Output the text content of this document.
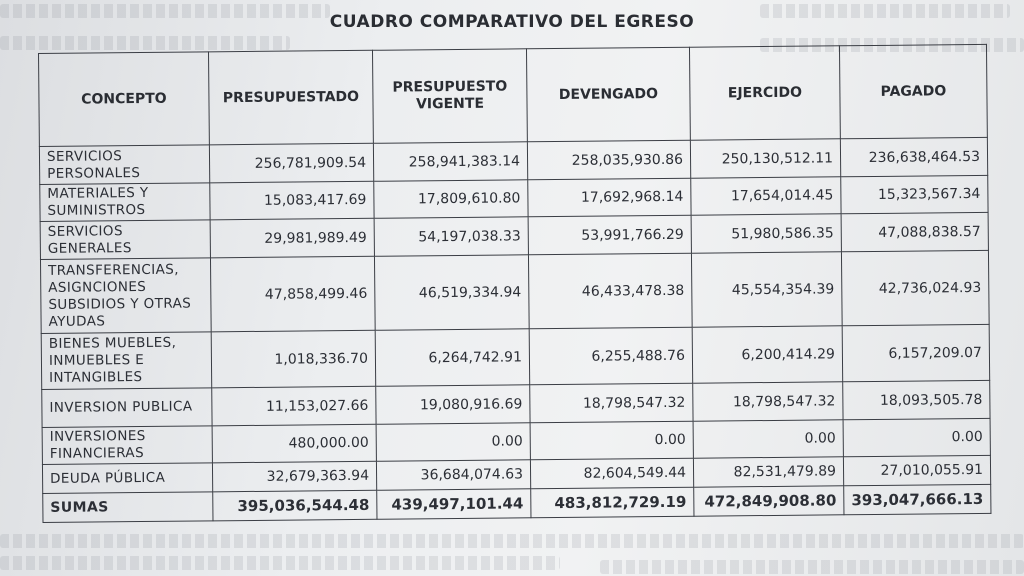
CUADRO COMPARATIVO DEL EGRESO
CONCEPTO	PRESUPUESTADO	PRESUPUESTO VIGENTE	DEVENGADO	EJERCIDO	PAGADO
SERVICIOS PERSONALES	256,781,909.54	258,941,383.14	258,035,930.86	250,130,512.11	236,638,464.53
MATERIALES Y SUMINISTROS	15,083,417.69	17,809,610.80	17,692,968.14	17,654,014.45	15,323,567.34
SERVICIOS GENERALES	29,981,989.49	54,197,038.33	53,991,766.29	51,980,586.35	47,088,838.57
TRANSFERENCIAS, ASIGNCIONES SUBSIDIOS Y OTRAS AYUDAS	47,858,499.46	46,519,334.94	46,433,478.38	45,554,354.39	42,736,024.93
BIENES MUEBLES, INMUEBLES E INTANGIBLES	1,018,336.70	6,264,742.91	6,255,488.76	6,200,414.29	6,157,209.07
INVERSION PUBLICA	11,153,027.66	19,080,916.69	18,798,547.32	18,798,547.32	18,093,505.78
INVERSIONES FINANCIERAS	480,000.00	0.00	0.00	0.00	0.00
DEUDA PÚBLICA	32,679,363.94	36,684,074.63	82,604,549.44	82,531,479.89	27,010,055.91
SUMAS	395,036,544.48	439,497,101.44	483,812,729.19	472,849,908.80	393,047,666.13
